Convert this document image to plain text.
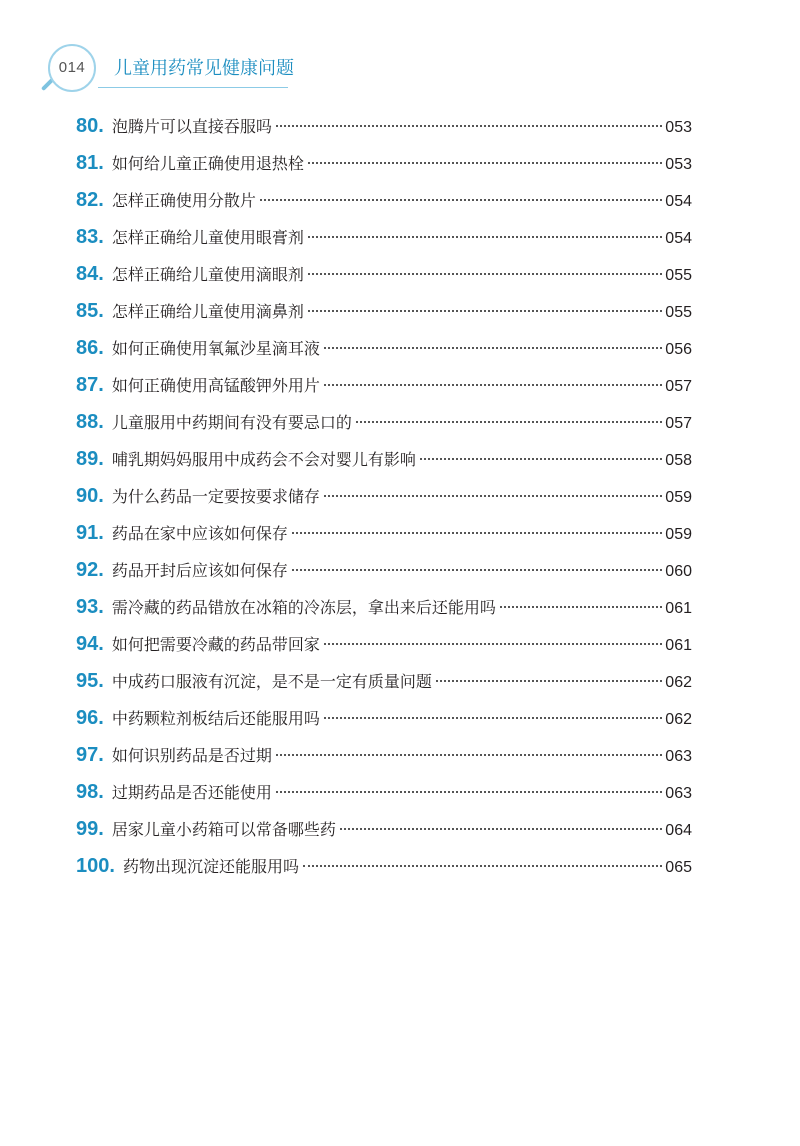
014	儿童用药常见健康问题
80. 泡腾片可以直接吞服吗	053
81. 如何给儿童正确使用退热栓	053
82. 怎样正确使用分散片	054
83. 怎样正确给儿童使用眼膏剂	054
84. 怎样正确给儿童使用滴眼剂	055
85. 怎样正确给儿童使用滴鼻剂	055
86. 如何正确使用氧氟沙星滴耳液	056
87. 如何正确使用高锰酸钾外用片	057
88. 儿童服用中药期间有没有要忌口的	057
89. 哺乳期妈妈服用中成药会不会对婴儿有影响	058
90. 为什么药品一定要按要求储存	059
91. 药品在家中应该如何保存	059
92. 药品开封后应该如何保存	060
93. 需冷藏的药品错放在冰箱的冷冻层，拿出来后还能用吗	061
94. 如何把需要冷藏的药品带回家	061
95. 中成药口服液有沉淀，是不是一定有质量问题	062
96. 中药颗粒剂板结后还能服用吗	062
97. 如何识别药品是否过期	063
98. 过期药品是否还能使用	063
99. 居家儿童小药箱可以常备哪些药	064
100. 药物出现沉淀还能服用吗	065
